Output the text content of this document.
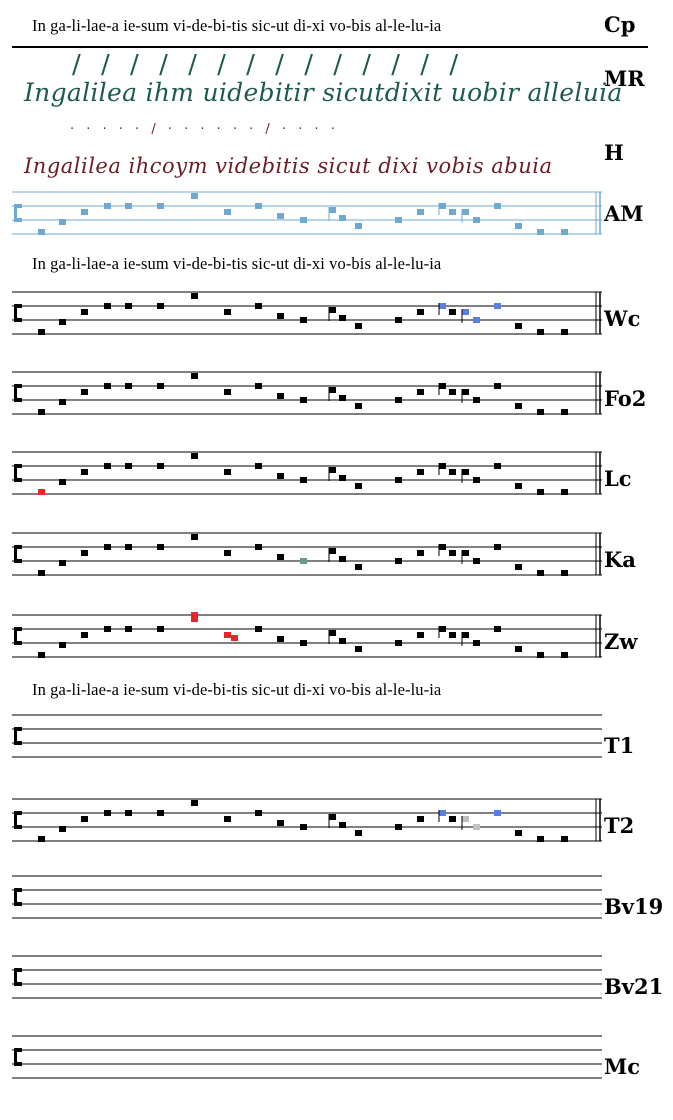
In ga-li-lae-a ie-sum vi-de-bi-tis sic-ut di-xi vo-bis al-le-lu-ia	Cp
/ / / / / / / / / / / / / /
Ingalilea ihm uidebitir sicutdixit uobir alleluia
MR
· · · · · / · · · · · · / · · · ·
Ingalilea ihcoym videbitis sicut dixi vobis abuia
H
AM
In ga-li-lae-a ie-sum vi-de-bi-tis sic-ut di-xi vo-bis al-le-lu-ia
Wc
Fo2
Lc
Ka
Zw
In ga-li-lae-a ie-sum vi-de-bi-tis sic-ut di-xi vo-bis al-le-lu-ia
T1
T2
Bv19
Bv21
Mc
